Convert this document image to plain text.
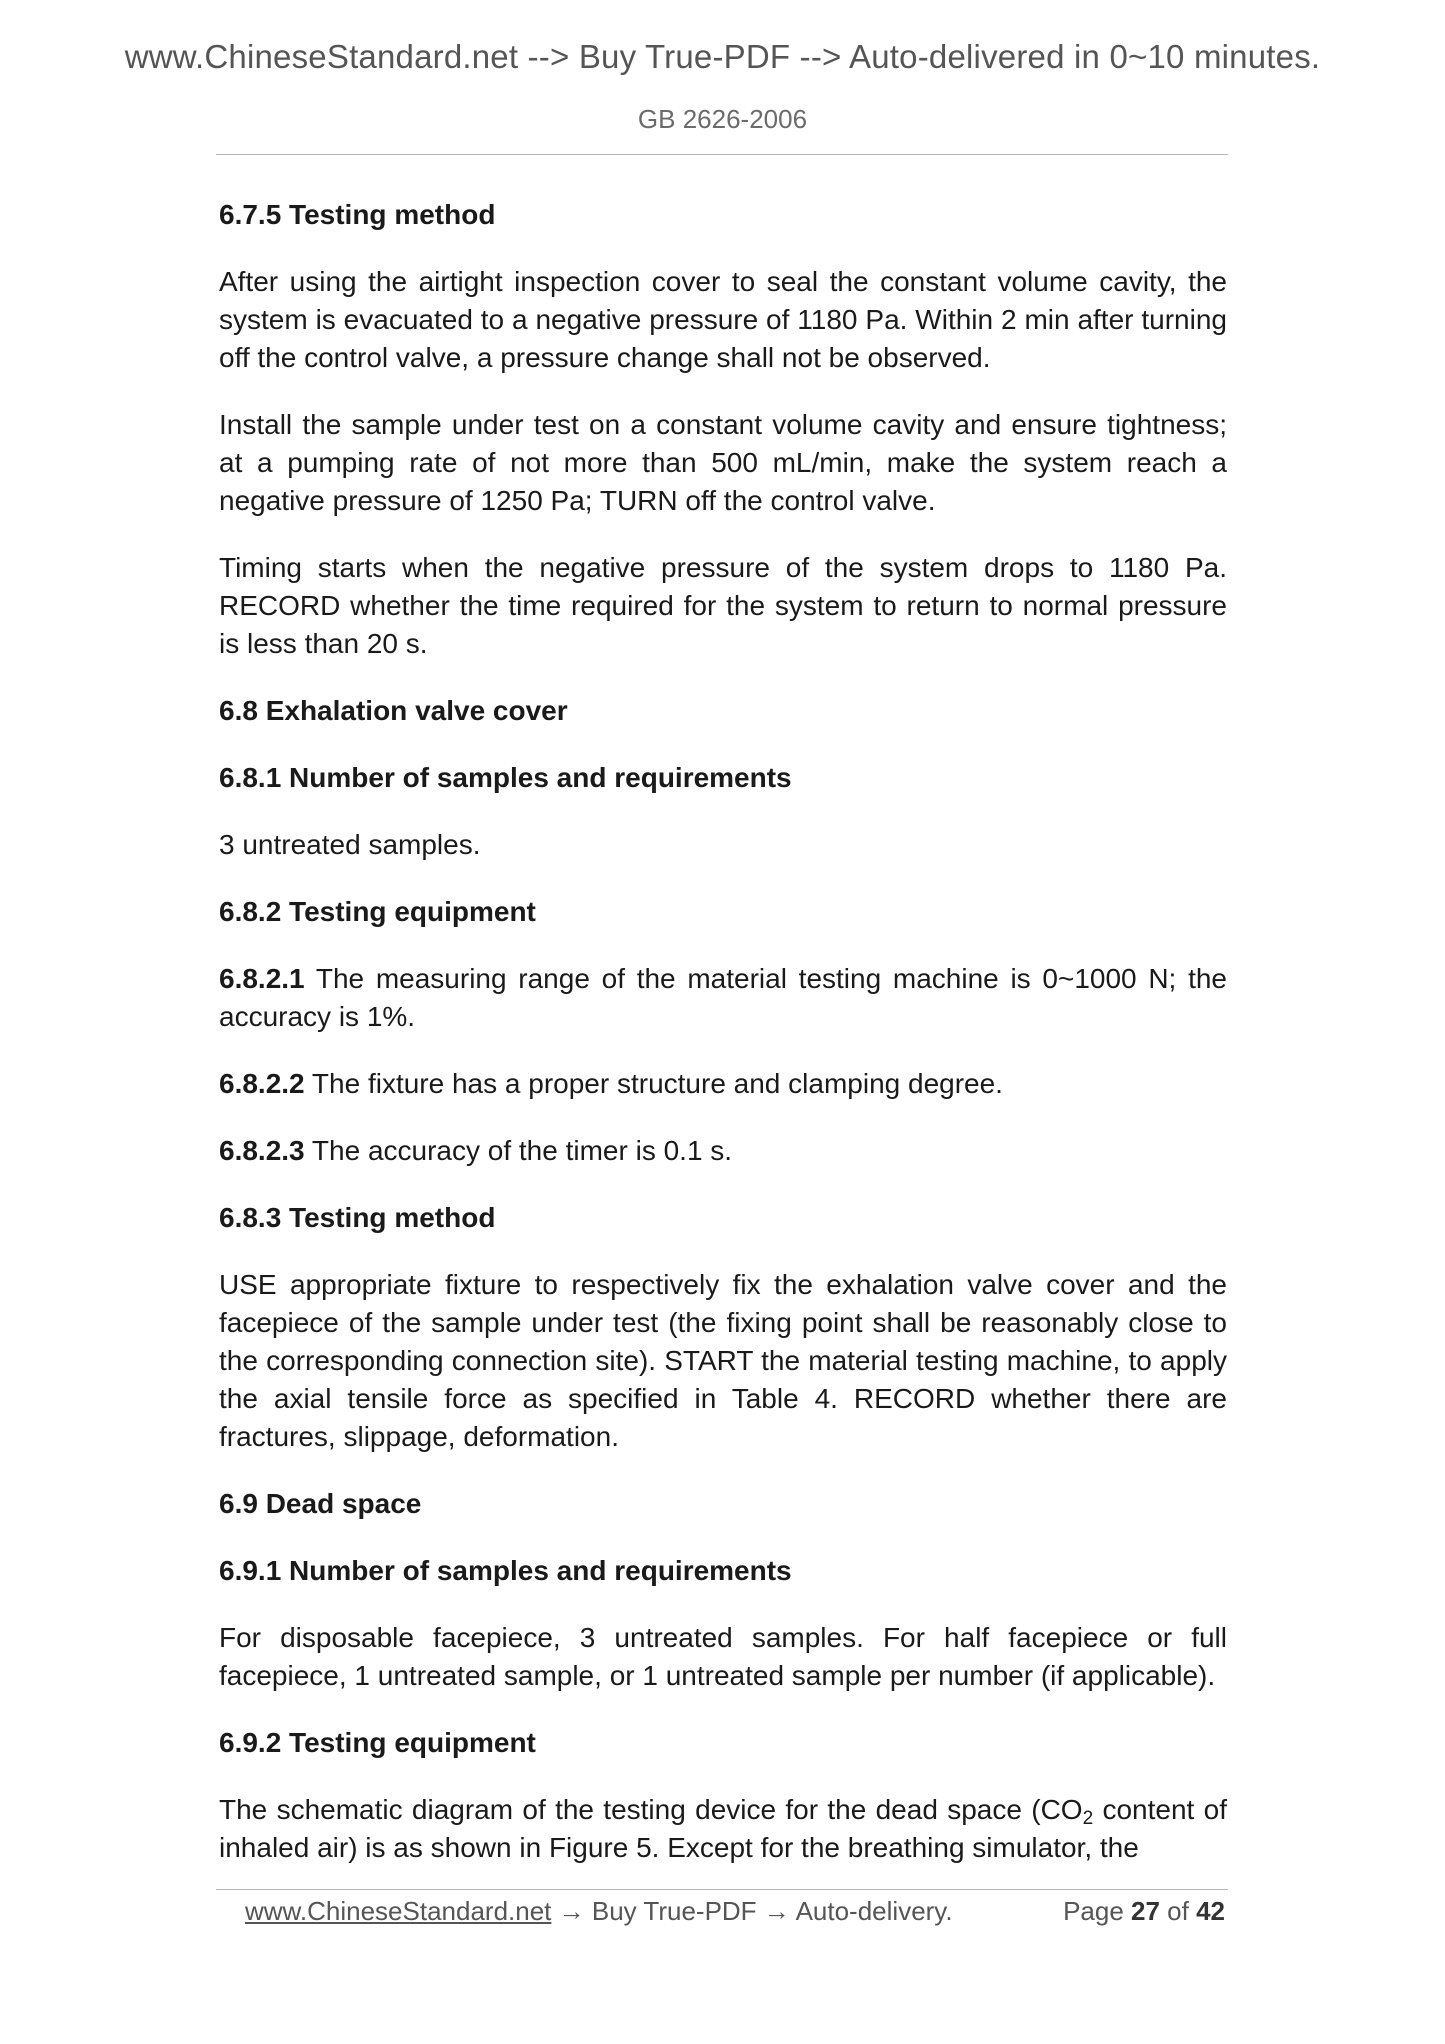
www.ChineseStandard.net --> Buy True-PDF --> Auto-delivered in 0~10 minutes.
GB 2626-2006

6.7.5 Testing method

After using the airtight inspection cover to seal the constant volume cavity, the system is evacuated to a negative pressure of 1180 Pa. Within 2 min after turning off the control valve, a pressure change shall not be observed.

Install the sample under test on a constant volume cavity and ensure tightness; at a pumping rate of not more than 500 mL/min, make the system reach a negative pressure of 1250 Pa; TURN off the control valve.

Timing starts when the negative pressure of the system drops to 1180 Pa. RECORD whether the time required for the system to return to normal pressure is less than 20 s.

6.8 Exhalation valve cover

6.8.1 Number of samples and requirements

3 untreated samples.

6.8.2 Testing equipment

6.8.2.1 The measuring range of the material testing machine is 0~1000 N; the accuracy is 1%.

6.8.2.2 The fixture has a proper structure and clamping degree.

6.8.2.3 The accuracy of the timer is 0.1 s.

6.8.3 Testing method

USE appropriate fixture to respectively fix the exhalation valve cover and the facepiece of the sample under test (the fixing point shall be reasonably close to the corresponding connection site). START the material testing machine, to apply the axial tensile force as specified in Table 4. RECORD whether there are fractures, slippage, deformation.

6.9 Dead space

6.9.1 Number of samples and requirements

For disposable facepiece, 3 untreated samples. For half facepiece or full facepiece, 1 untreated sample, or 1 untreated sample per number (if applicable).

6.9.2 Testing equipment

The schematic diagram of the testing device for the dead space ($CO_2$ content of inhaled air) is as shown in Figure 5. Except for the breathing simulator, the

www.ChineseStandard.net → Buy True-PDF → Auto-delivery.	Page 27 of 42
